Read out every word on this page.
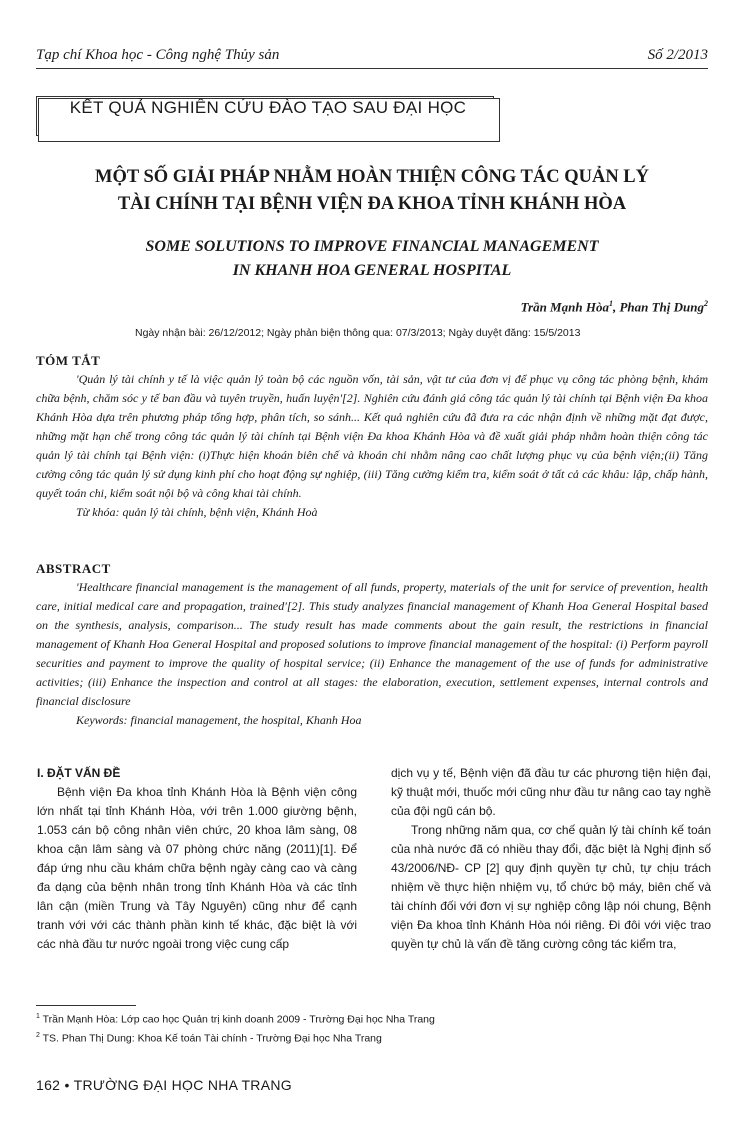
Tạp chí Khoa học - Công nghệ Thủy sản	Số 2/2013
KẾT QUẢ NGHIÊN CỨU ĐÀO TẠO SAU ĐẠI HỌC
MỘT SỐ GIẢI PHÁP NHẰM HOÀN THIỆN CÔNG TÁC QUẢN LÝ
TÀI CHÍNH TẠI BỆNH VIỆN ĐA KHOA TỈNH KHÁNH HÒA
SOME SOLUTIONS TO IMPROVE FINANCIAL MANAGEMENT
IN KHANH HOA GENERAL HOSPITAL
Trần Mạnh Hòa$^1$, Phan Thị Dung$^2$
Ngày nhận bài: 26/12/2012; Ngày phản biện thông qua: 07/3/2013; Ngày duyệt đăng: 15/5/2013
TÓM TẮT

'Quản lý tài chính y tế là việc quản lý toàn bộ các nguồn vốn, tài sản, vật tư của đơn vị để phục vụ công tác phòng bệnh, khám chữa bệnh, chăm sóc y tế ban đầu và tuyên truyền, huấn luyện'[2]. Nghiên cứu đánh giá công tác quản lý tài chính tại Bệnh viện Đa khoa Khánh Hòa dựa trên phương pháp tổng hợp, phân tích, so sánh... Kết quả nghiên cứu đã đưa ra các nhận định về những mặt đạt được, những mặt hạn chế trong công tác quản lý tài chính tại Bệnh viện Đa khoa Khánh Hòa và đề xuất giải pháp nhằm hoàn thiện công tác quản lý tài chính tại Bệnh viện: (i)Thực hiện khoán biên chế và khoán chi nhằm nâng cao chất lượng phục vụ của bệnh viện;(ii) Tăng cường công tác quản lý sử dụng kinh phí cho hoạt động sự nghiệp, (iii) Tăng cường kiểm tra, kiểm soát ở tất cả các khâu: lập, chấp hành, quyết toán chi, kiểm soát nội bộ và công khai tài chính.

Từ khóa: quản lý tài chính, bệnh viện, Khánh Hoà
ABSTRACT

'Healthcare financial management is the management of all funds, property, materials of the unit for service of prevention, health care, initial medical care and propagation, trained'[2]. This study analyzes financial management of Khanh Hoa General Hospital based on the synthesis, analysis, comparison... The study result has made comments about the gain result, the restrictions in financial management of Khanh Hoa General Hospital and proposed solutions to improve financial management of the hospital: (i) Perform payroll securities and payment to improve the quality of hospital service; (ii) Enhance the management of the use of funds for administrative activities; (iii) Enhance the inspection and control at all stages: the elaboration, execution, settlement expenses, internal controls and financial disclosure

Keywords: financial management, the hospital, Khanh Hoa
I. ĐẶT VẤN ĐỀ

Bệnh viện Đa khoa tỉnh Khánh Hòa là Bệnh viện công lớn nhất tại tỉnh Khánh Hòa, với trên 1.000 giường bệnh, 1.053 cán bộ công nhân viên chức, 20 khoa lâm sàng, 08 khoa cận lâm sàng và 07 phòng chức năng (2011)[1]. Để đáp ứng nhu cầu khám chữa bệnh ngày càng cao và càng đa dạng của bệnh nhân trong tỉnh Khánh Hòa và các tỉnh lân cận (miền Trung và Tây Nguyên) cũng như để cạnh tranh với với các thành phần kinh tế khác, đặc biệt là với các nhà đầu tư nước ngoài trong việc cung cấp

dịch vụ y tế, Bệnh viện đã đầu tư các phương tiện hiện đại, kỹ thuật mới, thuốc mới cũng như đầu tư nâng cao tay nghề của đội ngũ cán bộ.

Trong những năm qua, cơ chế quản lý tài chính kế toán của nhà nước đã có nhiều thay đổi, đặc biệt là Nghị định số 43/2006/NĐ- CP [2] quy định quyền tự chủ, tự chịu trách nhiệm về thực hiện nhiệm vụ, tổ chức bộ máy, biên chế và tài chính đối với đơn vị sự nghiệp công lập nói chung, Bệnh viện Đa khoa tỉnh Khánh Hòa nói riêng. Đi đôi với việc trao quyền tự chủ là vấn đề tăng cường công tác kiểm tra,

$^1$ Trần Mạnh Hòa: Lớp cao học Quản trị kinh doanh 2009 - Trường Đại học Nha Trang
$^2$ TS. Phan Thị Dung: Khoa Kế toán Tài chính - Trường Đại học Nha Trang
162 • TRƯỜNG ĐẠI HỌC NHA TRANG
